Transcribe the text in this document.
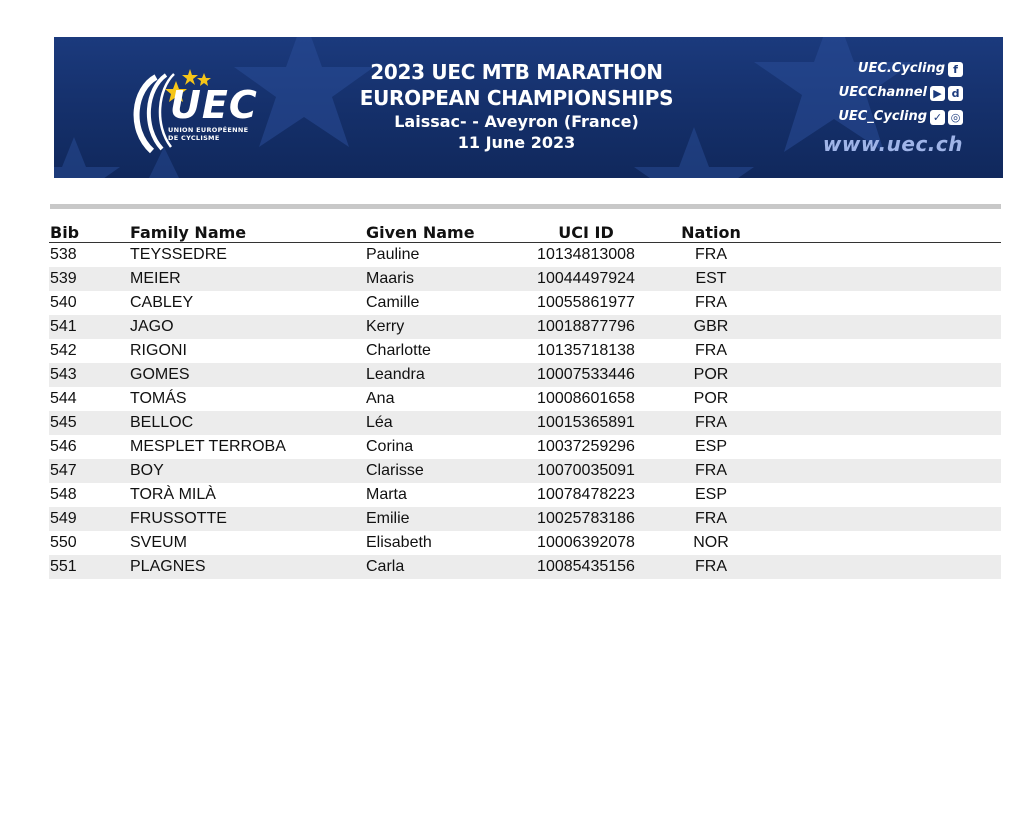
UEC
UNION EUROPÉENNE
DE CYCLISME
2023 UEC MTB MARATHON
EUROPEAN CHAMPIONSHIPS
Laissac- - Aveyron (France)
11 June 2023
UEC.Cycling f
UECChannel ▶ d
UEC_Cycling ✓ ◎
www.uec.ch
Bib	Family Name	Given Name	UCI ID	Nation	
538	TEYSSEDRE	Pauline	10134813008	FRA	
539	MEIER	Maaris	10044497924	EST	
540	CABLEY	Camille	10055861977	FRA	
541	JAGO	Kerry	10018877796	GBR	
542	RIGONI	Charlotte	10135718138	FRA	
543	GOMES	Leandra	10007533446	POR	
544	TOMÁS	Ana	10008601658	POR	
545	BELLOC	Léa	10015365891	FRA	
546	MESPLET TERROBA	Corina	10037259296	ESP	
547	BOY	Clarisse	10070035091	FRA	
548	TORÀ MILÀ	Marta	10078478223	ESP	
549	FRUSSOTTE	Emilie	10025783186	FRA	
550	SVEUM	Elisabeth	10006392078	NOR	
551	PLAGNES	Carla	10085435156	FRA	
